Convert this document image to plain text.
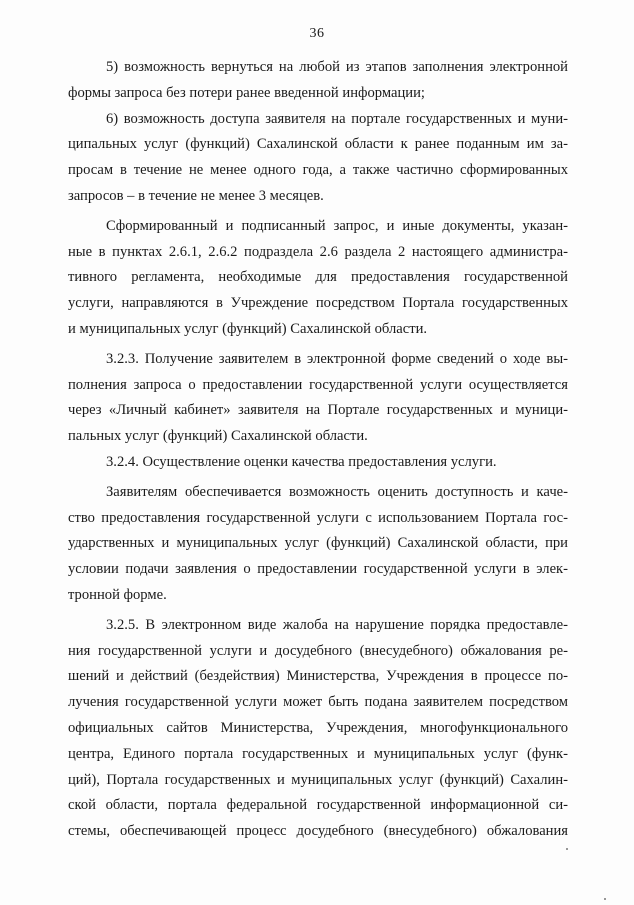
36
5) возможность вернуться на любой из этапов заполнения электронной
формы запроса без потери ранее введенной информации;
6) возможность доступа заявителя на портале государственных и муни-
ципальных услуг (функций) Сахалинской области к ранее поданным им за-
просам в течение не менее одного года, а также частично сформированных
запросов – в течение не менее 3 месяцев.
Сформированный и подписанный запрос, и иные документы, указан-
ные в пунктах 2.6.1, 2.6.2 подраздела 2.6 раздела 2 настоящего администра-
тивного регламента, необходимые для предоставления государственной
услуги, направляются в Учреждение посредством Портала государственных
и муниципальных услуг (функций) Сахалинской области.
3.2.3. Получение заявителем в электронной форме сведений о ходе вы-
полнения запроса о предоставлении государственной услуги осуществляется
через «Личный кабинет» заявителя на Портале государственных и муници-
пальных услуг (функций) Сахалинской области.
3.2.4. Осуществление оценки качества предоставления услуги.
Заявителям обеспечивается возможность оценить доступность и каче-
ство предоставления государственной услуги с использованием Портала гос-
ударственных и муниципальных услуг (функций) Сахалинской области, при
условии подачи заявления о предоставлении государственной услуги в элек-
тронной форме.
3.2.5. В электронном виде жалоба на нарушение порядка предоставле-
ния государственной услуги и досудебного (внесудебного) обжалования ре-
шений и действий (бездействия) Министерства, Учреждения в процессе по-
лучения государственной услуги может быть подана заявителем посредством
официальных сайтов Министерства, Учреждения, многофункционального
центра, Единого портала государственных и муниципальных услуг (функ-
ций), Портала государственных и муниципальных услуг (функций) Сахалин-
ской области, портала федеральной государственной информационной си-
стемы, обеспечивающей процесс досудебного (внесудебного) обжалования
